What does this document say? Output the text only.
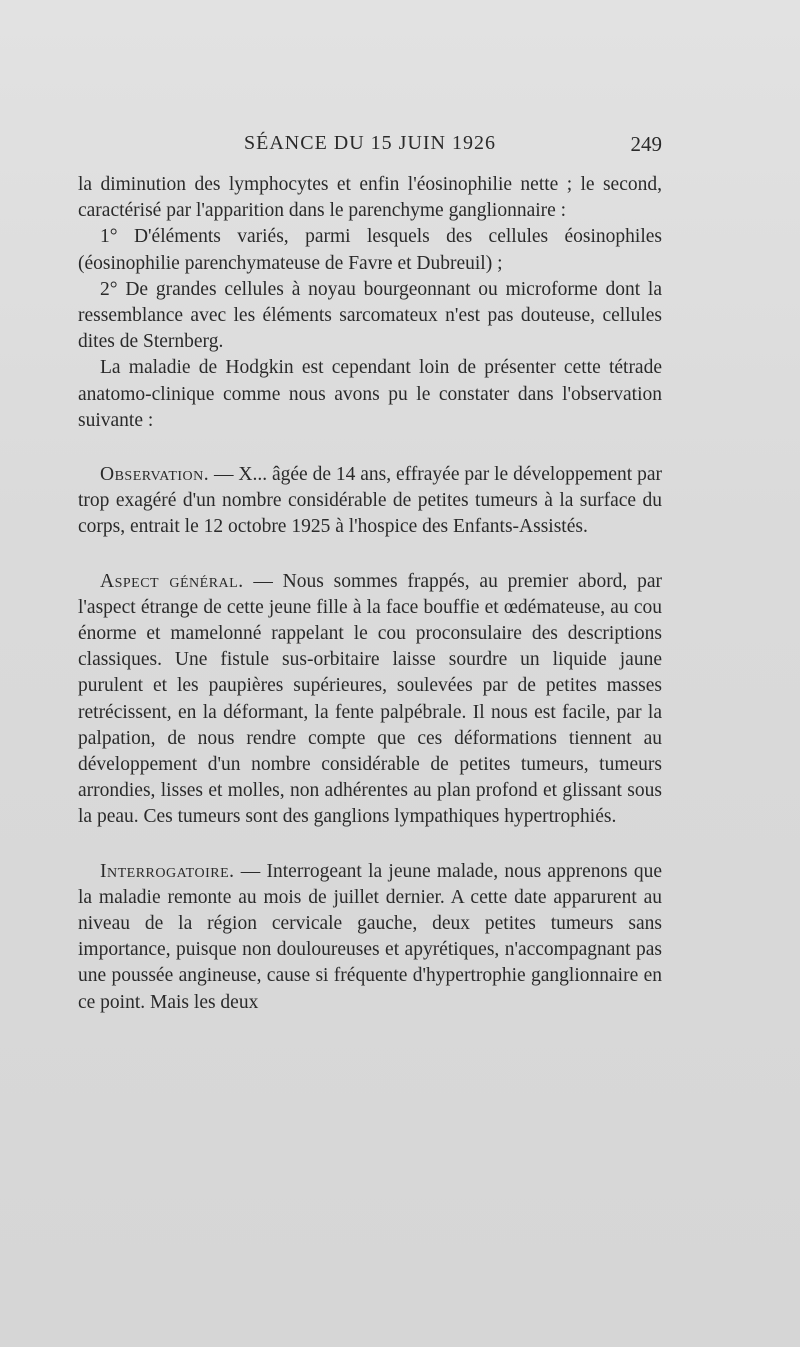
SÉANCE DU 15 JUIN 1926	249

la diminution des lymphocytes et enfin l'éosinophilie nette ; le second, caractérisé par l'apparition dans le parenchyme ganglionnaire :

1° D'éléments variés, parmi lesquels des cellules éosinophiles (éosinophilie parenchymateuse de Favre et Dubreuil) ;

2° De grandes cellules à noyau bourgeonnant ou microforme dont la ressemblance avec les éléments sarcomateux n'est pas douteuse, cellules dites de Sternberg.

La maladie de Hodgkin est cependant loin de présenter cette tétrade anatomo-clinique comme nous avons pu le constater dans l'observation suivante :

Observation. — X... âgée de 14 ans, effrayée par le développement par trop exagéré d'un nombre considérable de petites tumeurs à la surface du corps, entrait le 12 octobre 1925 à l'hospice des Enfants-Assistés.

Aspect général. — Nous sommes frappés, au premier abord, par l'aspect étrange de cette jeune fille à la face bouffie et œdémateuse, au cou énorme et mamelonné rappelant le cou proconsulaire des descriptions classiques. Une fistule sus-orbitaire laisse sourdre un liquide jaune purulent et les paupières supérieures, soulevées par de petites masses retrécissent, en la déformant, la fente palpébrale. Il nous est facile, par la palpation, de nous rendre compte que ces déformations tiennent au développement d'un nombre considérable de petites tumeurs, tumeurs arrondies, lisses et molles, non adhérentes au plan profond et glissant sous la peau. Ces tumeurs sont des ganglions lympathiques hypertrophiés.

Interrogatoire. — Interrogeant la jeune malade, nous apprenons que la maladie remonte au mois de juillet dernier. A cette date apparurent au niveau de la région cervicale gauche, deux petites tumeurs sans importance, puisque non douloureuses et apyrétiques, n'accompagnant pas une poussée angineuse, cause si fréquente d'hypertrophie ganglionnaire en ce point. Mais les deux
